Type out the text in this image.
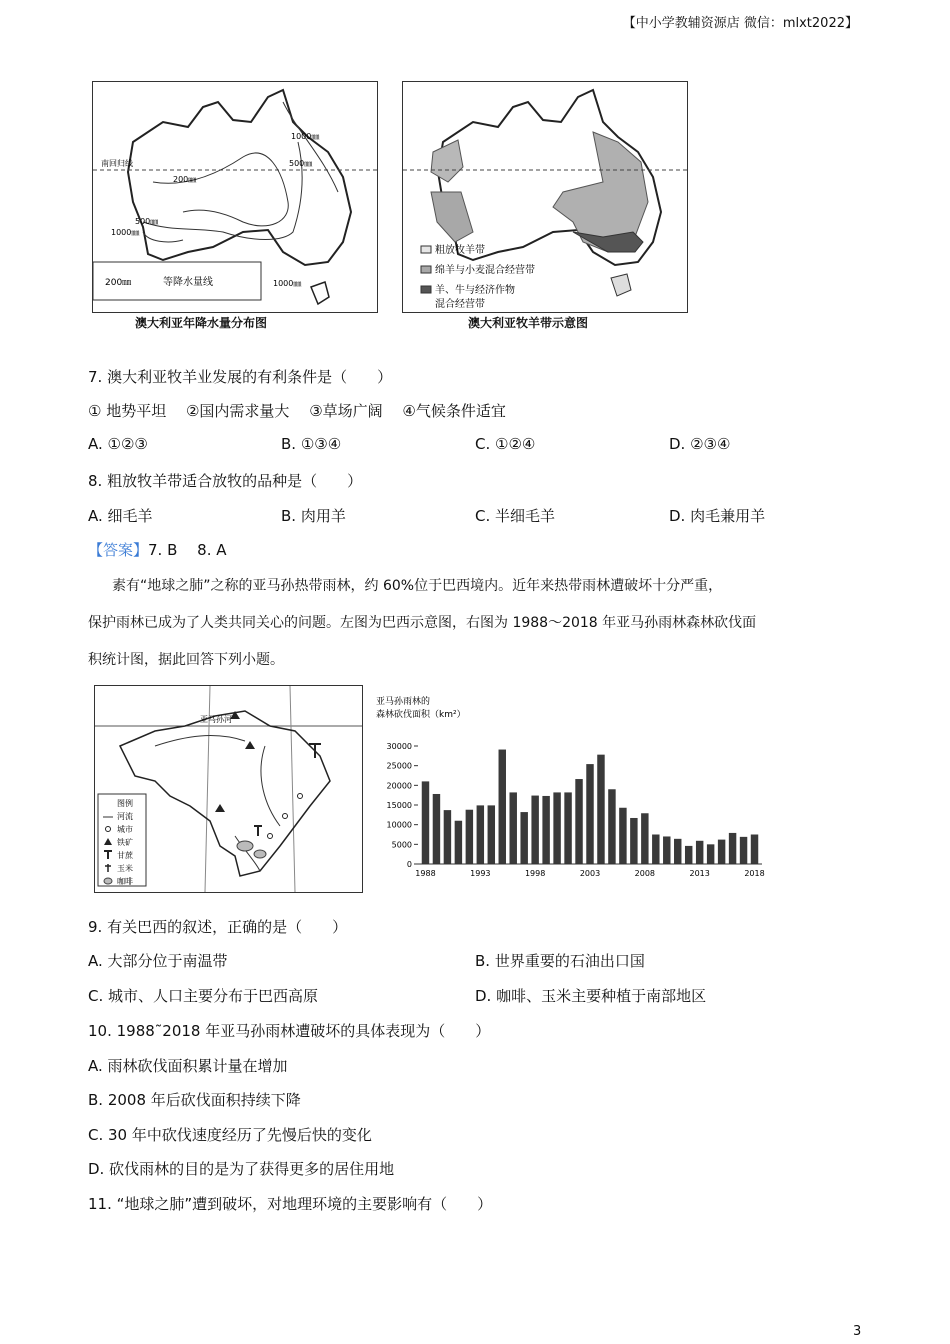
【中小学教辅资源店 微信：mlxt2022】
南回归线
200㎜
1000㎜
500㎜
500㎜
1000㎜
1000㎜
200㎜	等降水量线
澳大利亚年降水量分布图
粗放牧羊带
绵羊与小麦混合经营带
羊、牛与经济作物
混合经营带
澳大利亚牧羊带示意图
7. 澳大利亚牧羊业发展的有利条件是（　　）
① 地势平坦　 ②国内需求量大　 ③草场广阔　 ④气候条件适宜
A. ①②③	B. ①③④	C. ①②④	D. ②③④
8. 粗放牧羊带适合放牧的品种是（　　）
A. 细毛羊	B. 肉用羊	C. 半细毛羊	D. 肉毛兼用羊
【答案】7. B　 8. A
素有“地球之肺”之称的亚马孙热带雨林，约 60%位于巴西境内。近年来热带雨林遭破坏十分严重，
保护雨林已成为了人类共同关心的问题。左图为巴西示意图，右图为 1988～2018 年亚马孙雨林森林砍伐面
积统计图，据此回答下列小题。
亚马孙河
图例
河流
城市
铁矿
甘蔗
玉米
咖啡
亚马孙雨林的
森林砍伐面积（km²）
30000
25000
20000
15000
10000
5000
0
1988	1993	1998	2003	2008	2013	2018
9. 有关巴西的叙述，正确的是（　　）
A. 大部分位于南温带	B. 世界重要的石油出口国
C. 城市、人口主要分布于巴西高原	D. 咖啡、玉米主要种植于南部地区
10. 1988˜2018 年亚马孙雨林遭破坏的具体表现为（　　）
A. 雨林砍伐面积累计量在增加
B. 2008 年后砍伐面积持续下降
C. 30 年中砍伐速度经历了先慢后快的变化
D. 砍伐雨林的目的是为了获得更多的居住用地
11. “地球之肺”遭到破坏，对地理环境的主要影响有（　　）
3
